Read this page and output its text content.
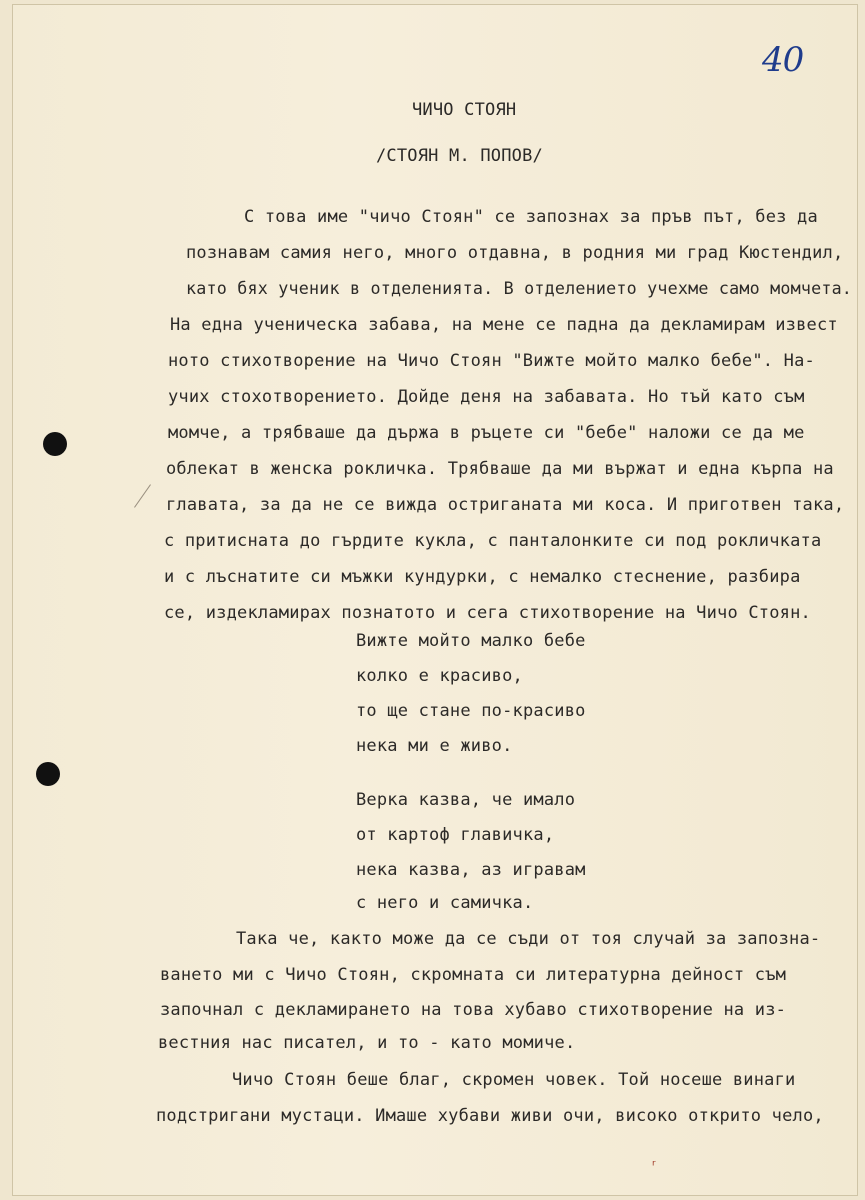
40
ЧИЧО СТОЯН
/СТОЯН М. ПОПОВ/
С това име "чичо Стоян" се запознах за пръв път, без да
познавам самия него, много отдавна, в родния ми град Кюстендил,
като бях ученик в отделенията. В отделението учехме само момчета.
На една ученическа забава, на мене се падна да декламирам извест
ното стихотворение на Чичо Стоян "Вижте мойто малко бебе". На-
учих стохотворението. Дойде деня на забавата. Но тъй като съм
момче, а трябваше да държа в ръцете си "бебе" наложи се да ме
облекат в женска рокличка. Трябваше да ми вържат и една кърпа на
главата, за да не се вижда остриганата ми коса. И приготвен така,
с притисната до гърдите кукла, с панталонките си под рокличката
и с лъснатите си мъжки кундурки, с немалко стеснение, разбира
се, издекламирах познатото и сега стихотворение на Чичо Стоян.
Вижте мойто малко бебе
колко е красиво,
то ще стане по-красиво
нека ми е живо.
Верка казва, че имало
от картоф главичка,
нека казва, аз игравам
с него и самичка.
Така че, както може да се съди от тоя случай за запозна-
ването ми с Чичо Стоян, скромната си литературна дейност съм
започнал с декламирането на това хубаво стихотворение на из-
вестния нас писател, и то - като момиче.
Чичо Стоян беше благ, скромен човек. Той носеше винаги
подстригани мустаци. Имаше хубави живи очи, високо открито чело,
ʳ
